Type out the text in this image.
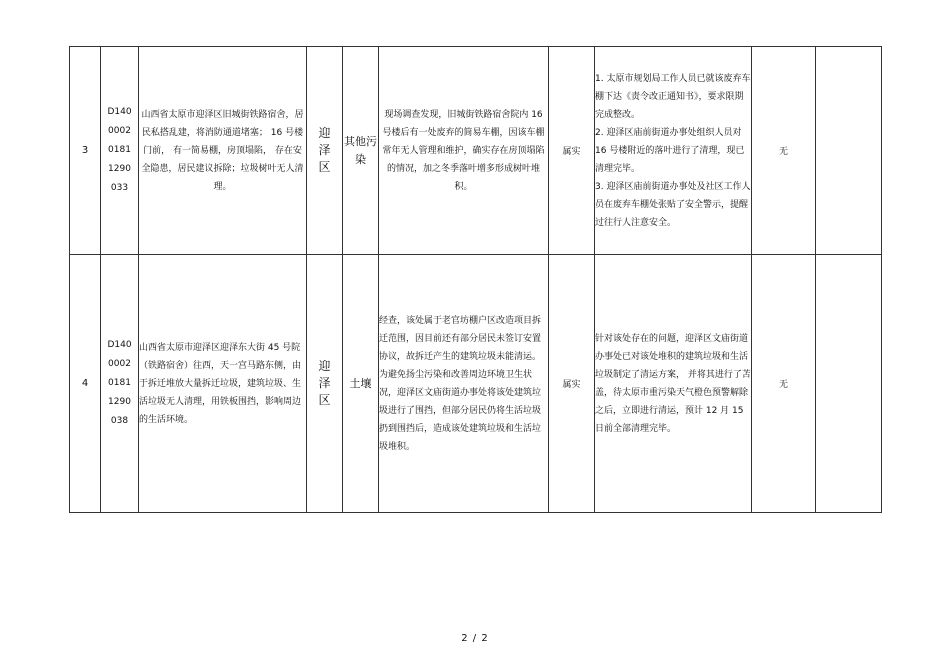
3	D140
0002
0181
1290
033	山西省太原市迎泽区旧城街铁路宿舍，居民私搭乱建，将消防通道堵塞； 16 号楼门前， 有一简易棚，房顶塌陷， 存在安全隐患，居民建议拆除；垃圾树叶无人清理。	迎泽区	其他污染	现场调查发现，旧城街铁路宿舍院内 16 号楼后有一处废弃的简易车棚，因该车棚常年无人管理和维护，确实存在房顶塌陷的情况，加之冬季落叶增多形成树叶堆积。	属实	1. 太原市规划局工作人员已就该废弃车棚下达《责令改正通知书》，要求限期完成整改。
2. 迎泽区庙前街道办事处组织人员对 16 号楼附近的落叶进行了清理，现已清理完毕。
3. 迎泽区庙前街道办事处及社区工作人员在废弃车棚处张贴了安全警示，提醒过往行人注意安全。	无	
4	D140
0002
0181
1290
038	山西省太原市迎泽区迎泽东大街 45 号院（铁路宿舍）往西，天一宫马路东侧，由于拆迁堆放大量拆迁垃圾，建筑垃圾、生活垃圾无人清理，用铁板围挡，影响周边的生活环境。	迎泽区	土壤	经查，该处属于老官坊棚户区改造项目拆迁范围，因目前还有部分居民未签订安置协议，故拆迁产生的建筑垃圾未能清运。为避免扬尘污染和改善周边环境卫生状况，迎泽区文庙街道办事处将该处建筑垃圾进行了围挡，但部分居民仍将生活垃圾扔到围挡后，造成该处建筑垃圾和生活垃圾堆积。	属实	针对该处存在的问题，迎泽区文庙街道办事处已对该处堆积的建筑垃圾和生活垃圾制定了清运方案， 并将其进行了苫盖，待太原市重污染天气橙色预警解除之后，立即进行清运，预计 12 月 15 日前全部清理完毕。	无	
2 / 2
